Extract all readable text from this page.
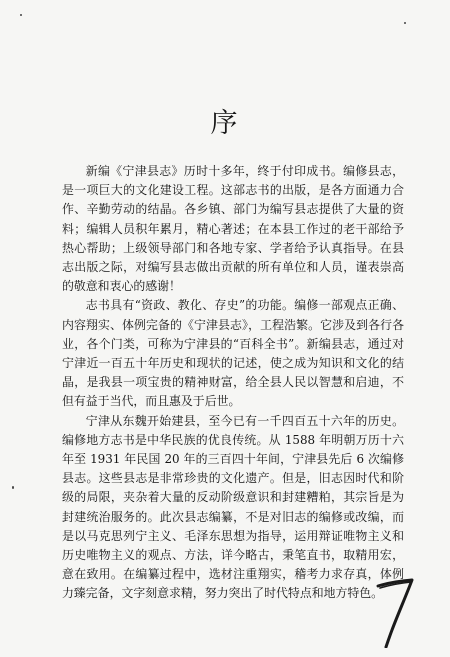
序

新编《宁津县志》历时十多年，终于付印成书。编修县志，是一项巨大的文化建设工程。这部志书的出版，是各方面通力合作、辛勤劳动的结晶。各乡镇、部门为编写县志提供了大量的资料；编辑人员积年累月，精心著述；在本县工作过的老干部给予热心帮助；上级领导部门和各地专家、学者给予认真指导。在县志出版之际，对编写县志做出贡献的所有单位和人员，谨表崇高的敬意和衷心的感谢！

志书具有“资政、教化、存史”的功能。编修一部观点正确、内容翔实、体例完备的《宁津县志》，工程浩繁。它涉及到各行各业，各个门类，可称为宁津县的“百科全书”。新编县志，通过对宁津近一百五十年历史和现状的记述，使之成为知识和文化的结晶，是我县一项宝贵的精神财富，给全县人民以智慧和启迪，不但有益于当代，而且惠及于后世。

宁津从东魏开始建县，至今已有一千四百五十六年的历史。编修地方志书是中华民族的优良传统。从 1588 年明朝万历十六年至 1931 年民国 20 年的三百四十年间，宁津县先后 6 次编修县志。这些县志是非常珍贵的文化遗产。但是，旧志因时代和阶级的局限，夹杂着大量的反动阶级意识和封建糟粕，其宗旨是为封建统治服务的。此次县志编纂，不是对旧志的编修或改编，而是以马克思列宁主义、毛泽东思想为指导，运用辩证唯物主义和历史唯物主义的观点、方法，详今略古，秉笔直书，取精用宏，意在致用。在编纂过程中，选材注重翔实，稽考力求存真，体例力臻完备，文字刻意求精，努力突出了时代特点和地方特色。
